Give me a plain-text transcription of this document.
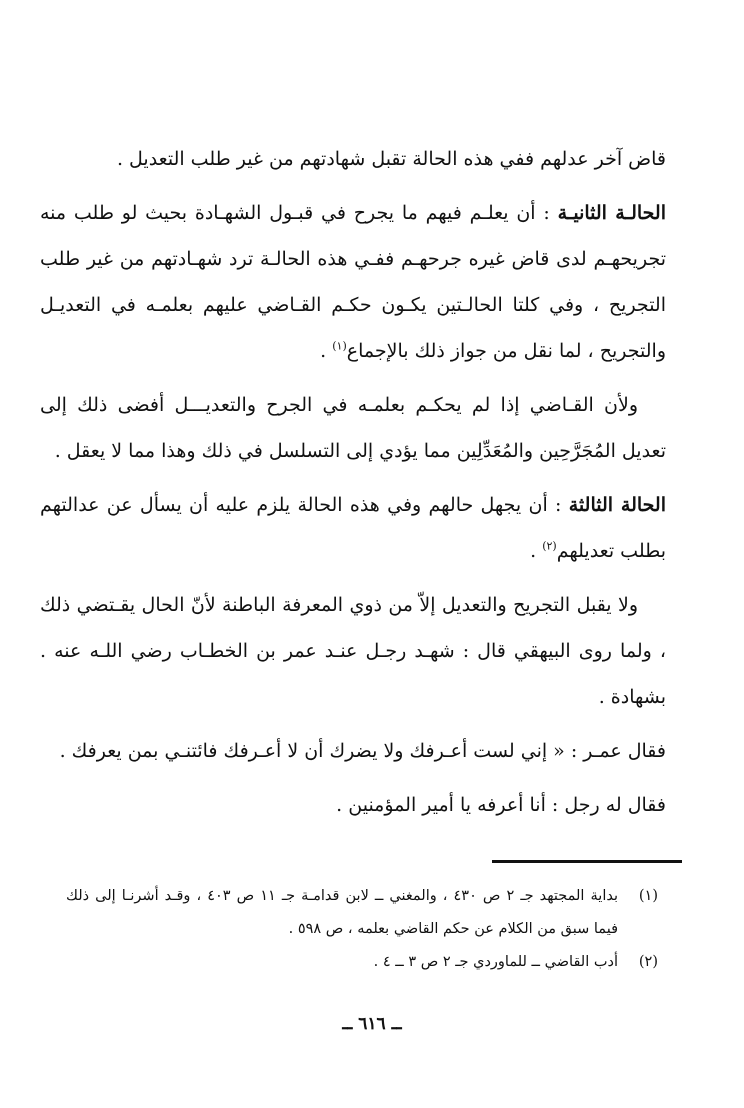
قاض آخر عدلهم ففي هذه الحالة تقبل شهادتهم من غير طلب التعديل .

الحالـة الثانيـة : أن يعلـم فيهم ما يجرح في قبـول الشهـادة بحيث لو طلب منه تجريحهـم لدى قاض غيره جرحهـم ففـي هذه الحالـة ترد شهـادتهم من غير طلب التجريح ، وفي كلتا الحالـتين يكـون حكـم القـاضي عليهم بعلمـه في التعديـل والتجريح ، لما نقل من جواز ذلك بالإجماع$^{(١)}$ .

ولأن القـاضي إذا لم يحكـم بعلمـه في الجرح والتعديـــل أفضى ذلك إلى تعديل المُجَرَّحِين والمُعَدِّلِين مما يؤدي إلى التسلسل في ذلك وهذا مما لا يعقل .

الحالة الثالثة : أن يجهل حالهم وفي هذه الحالة يلزم عليه أن يسأل عن عدالتهم بطلب تعديلهم$^{(٢)}$ .

ولا يقبل التجريح والتعديل إلاّ من ذوي المعرفة الباطنة لأنّ الحال يقـتضي ذلك ، ولما روى البيهقي قال : شهـد رجـل عنـد عمر بن الخطـاب رضي اللـه عنه . بشهادة .

فقال عمـر : « إني لست أعـرفك ولا يضرك أن لا أعـرفك فائتنـي بمن يعرفك .

فقال له رجل : أنا أعرفه يا أمير المؤمنين .

(١)
بداية المجتهد جـ ٢ ص ٤٣٠ ، والمغني ــ لابن قدامـة جـ ١١ ص ٤٠٣ ، وقـد أشرنـا إلى ذلك فيما سبق من الكلام عن حكم القاضي بعلمه ، ص ٥٩٨ .
(٢)
أدب القاضي ــ للماوردي جـ ٢ ص ٣ ــ ٤ .
ــ ٦١٦ ــ
